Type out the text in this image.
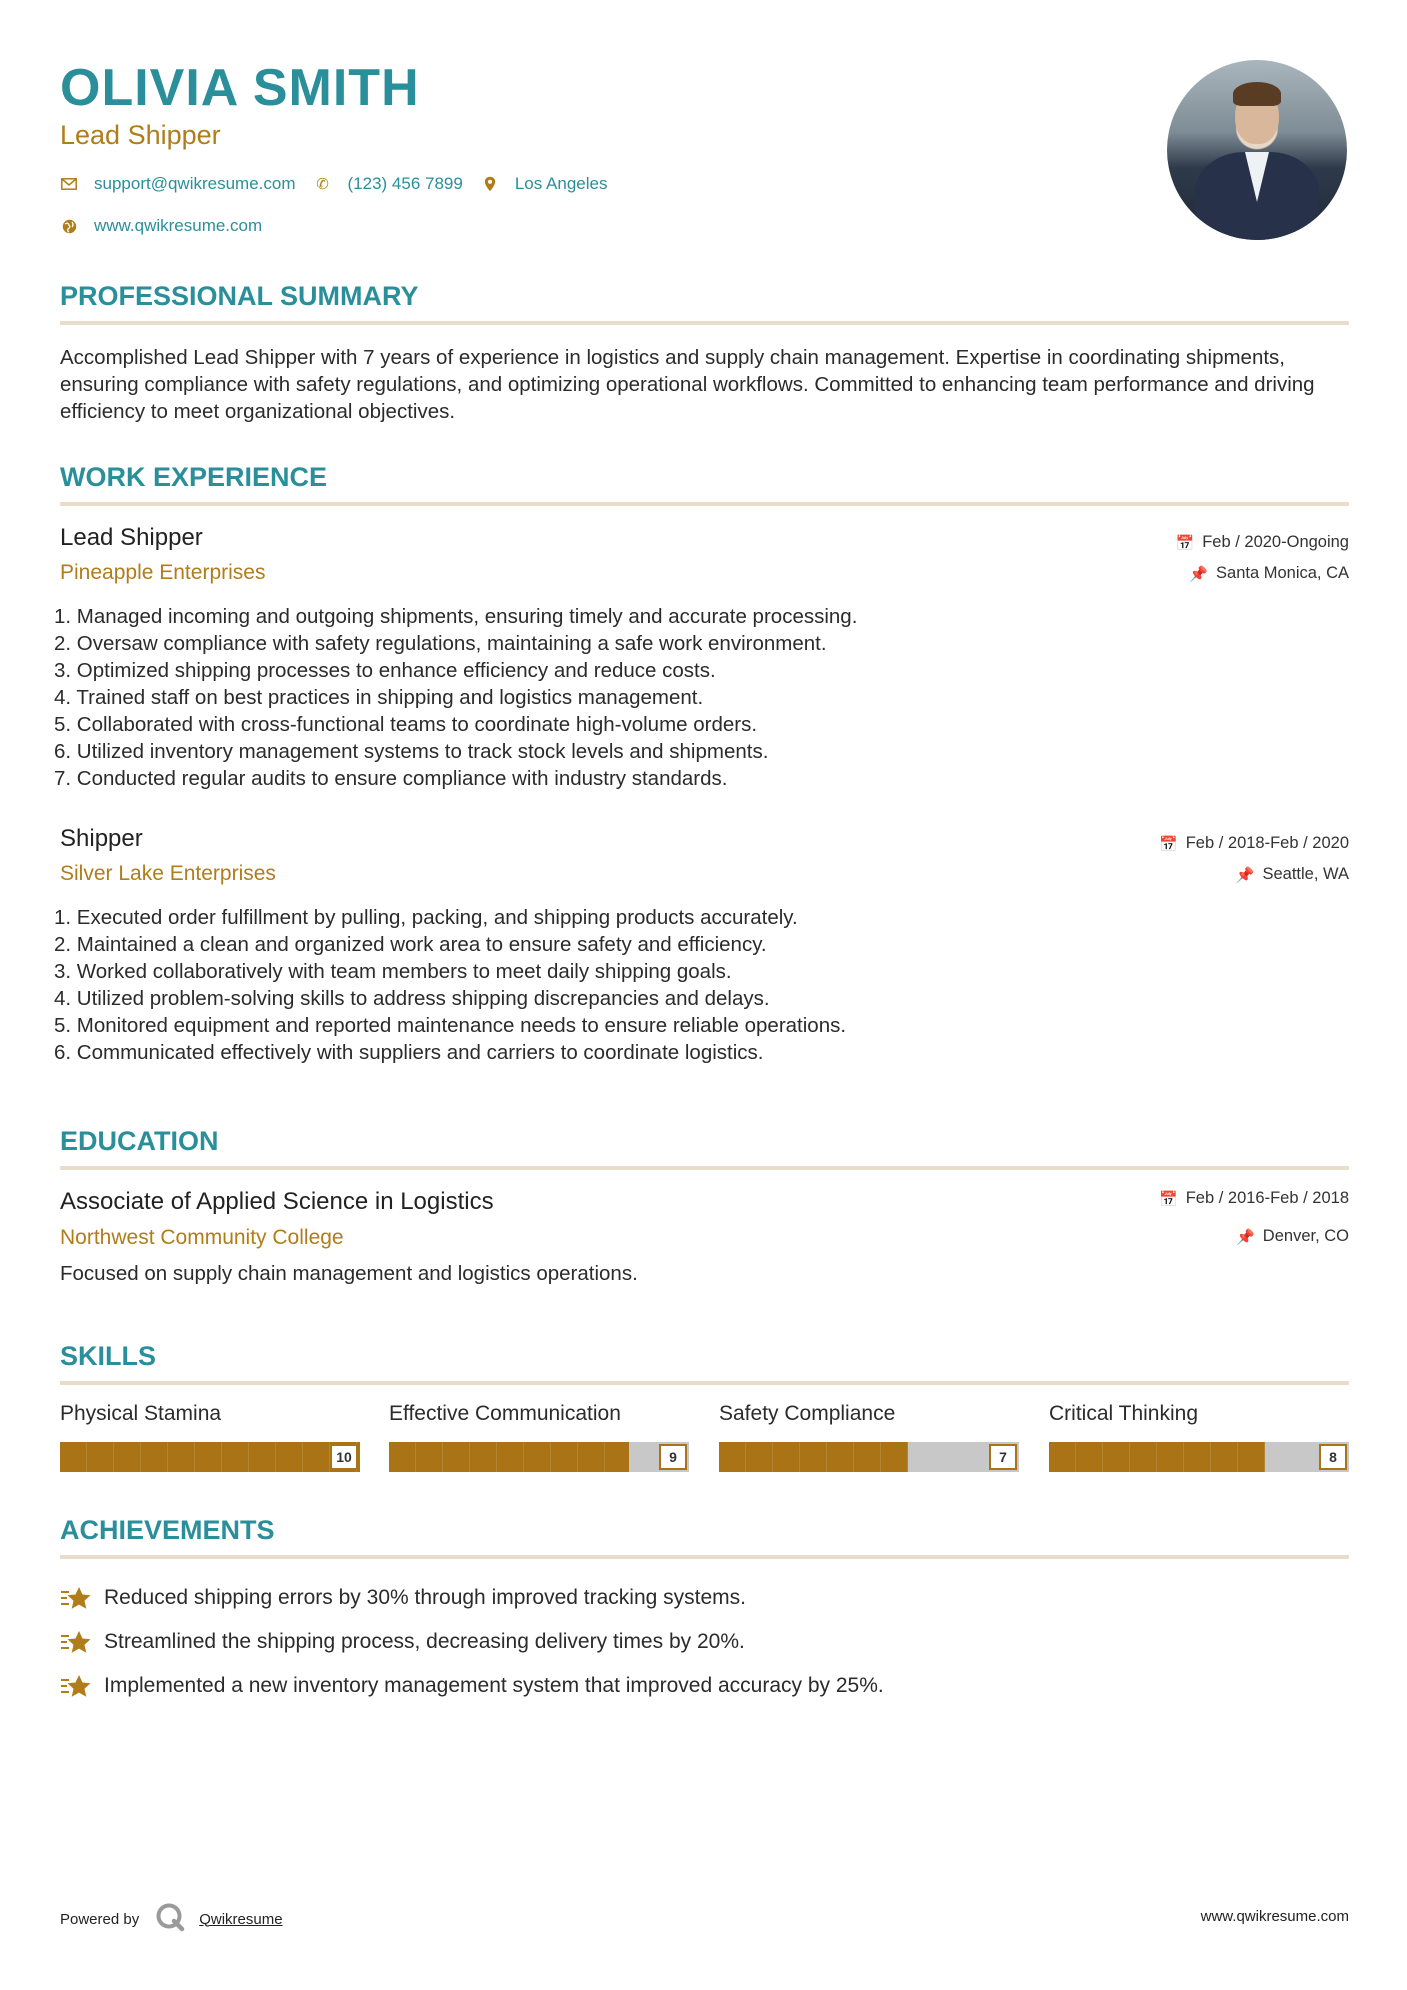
OLIVIA SMITH
Lead Shipper
support@qwikresume.com ✆ (123) 456 7899	Los Angeles
www.qwikresume.com
PROFESSIONAL SUMMARY
Accomplished Lead Shipper with 7 years of experience in logistics and supply chain management. Expertise in coordinating shipments, ensuring compliance with safety regulations, and optimizing operational workflows. Committed to enhancing team performance and driving efficiency to meet organizational objectives.
WORK EXPERIENCE
Lead Shipper
Pineapple Enterprises
📅 Feb / 2020-Ongoing
📌 Santa Monica, CA
1. Managed incoming and outgoing shipments, ensuring timely and accurate processing.
2. Oversaw compliance with safety regulations, maintaining a safe work environment.
3. Optimized shipping processes to enhance efficiency and reduce costs.
4. Trained staff on best practices in shipping and logistics management.
5. Collaborated with cross-functional teams to coordinate high-volume orders.
6. Utilized inventory management systems to track stock levels and shipments.
7. Conducted regular audits to ensure compliance with industry standards.
Shipper
Silver Lake Enterprises
📅 Feb / 2018-Feb / 2020
📌 Seattle, WA
1. Executed order fulfillment by pulling, packing, and shipping products accurately.
2. Maintained a clean and organized work area to ensure safety and efficiency.
3. Worked collaboratively with team members to meet daily shipping goals.
4. Utilized problem-solving skills to address shipping discrepancies and delays.
5. Monitored equipment and reported maintenance needs to ensure reliable operations.
6. Communicated effectively with suppliers and carriers to coordinate logistics.
EDUCATION
Associate of Applied Science in Logistics
Northwest Community College
📅 Feb / 2016-Feb / 2018
📌 Denver, CO
Focused on supply chain management and logistics operations.
SKILLS
Physical Stamina
10
Effective Communication
9
Safety Compliance
7
Critical Thinking
8
ACHIEVEMENTS
Reduced shipping errors by 30% through improved tracking systems.
Streamlined the shipping process, decreasing delivery times by 20%.
Implemented a new inventory management system that improved accuracy by 25%.
Powered by	Qwikresume	www.qwikresume.com
